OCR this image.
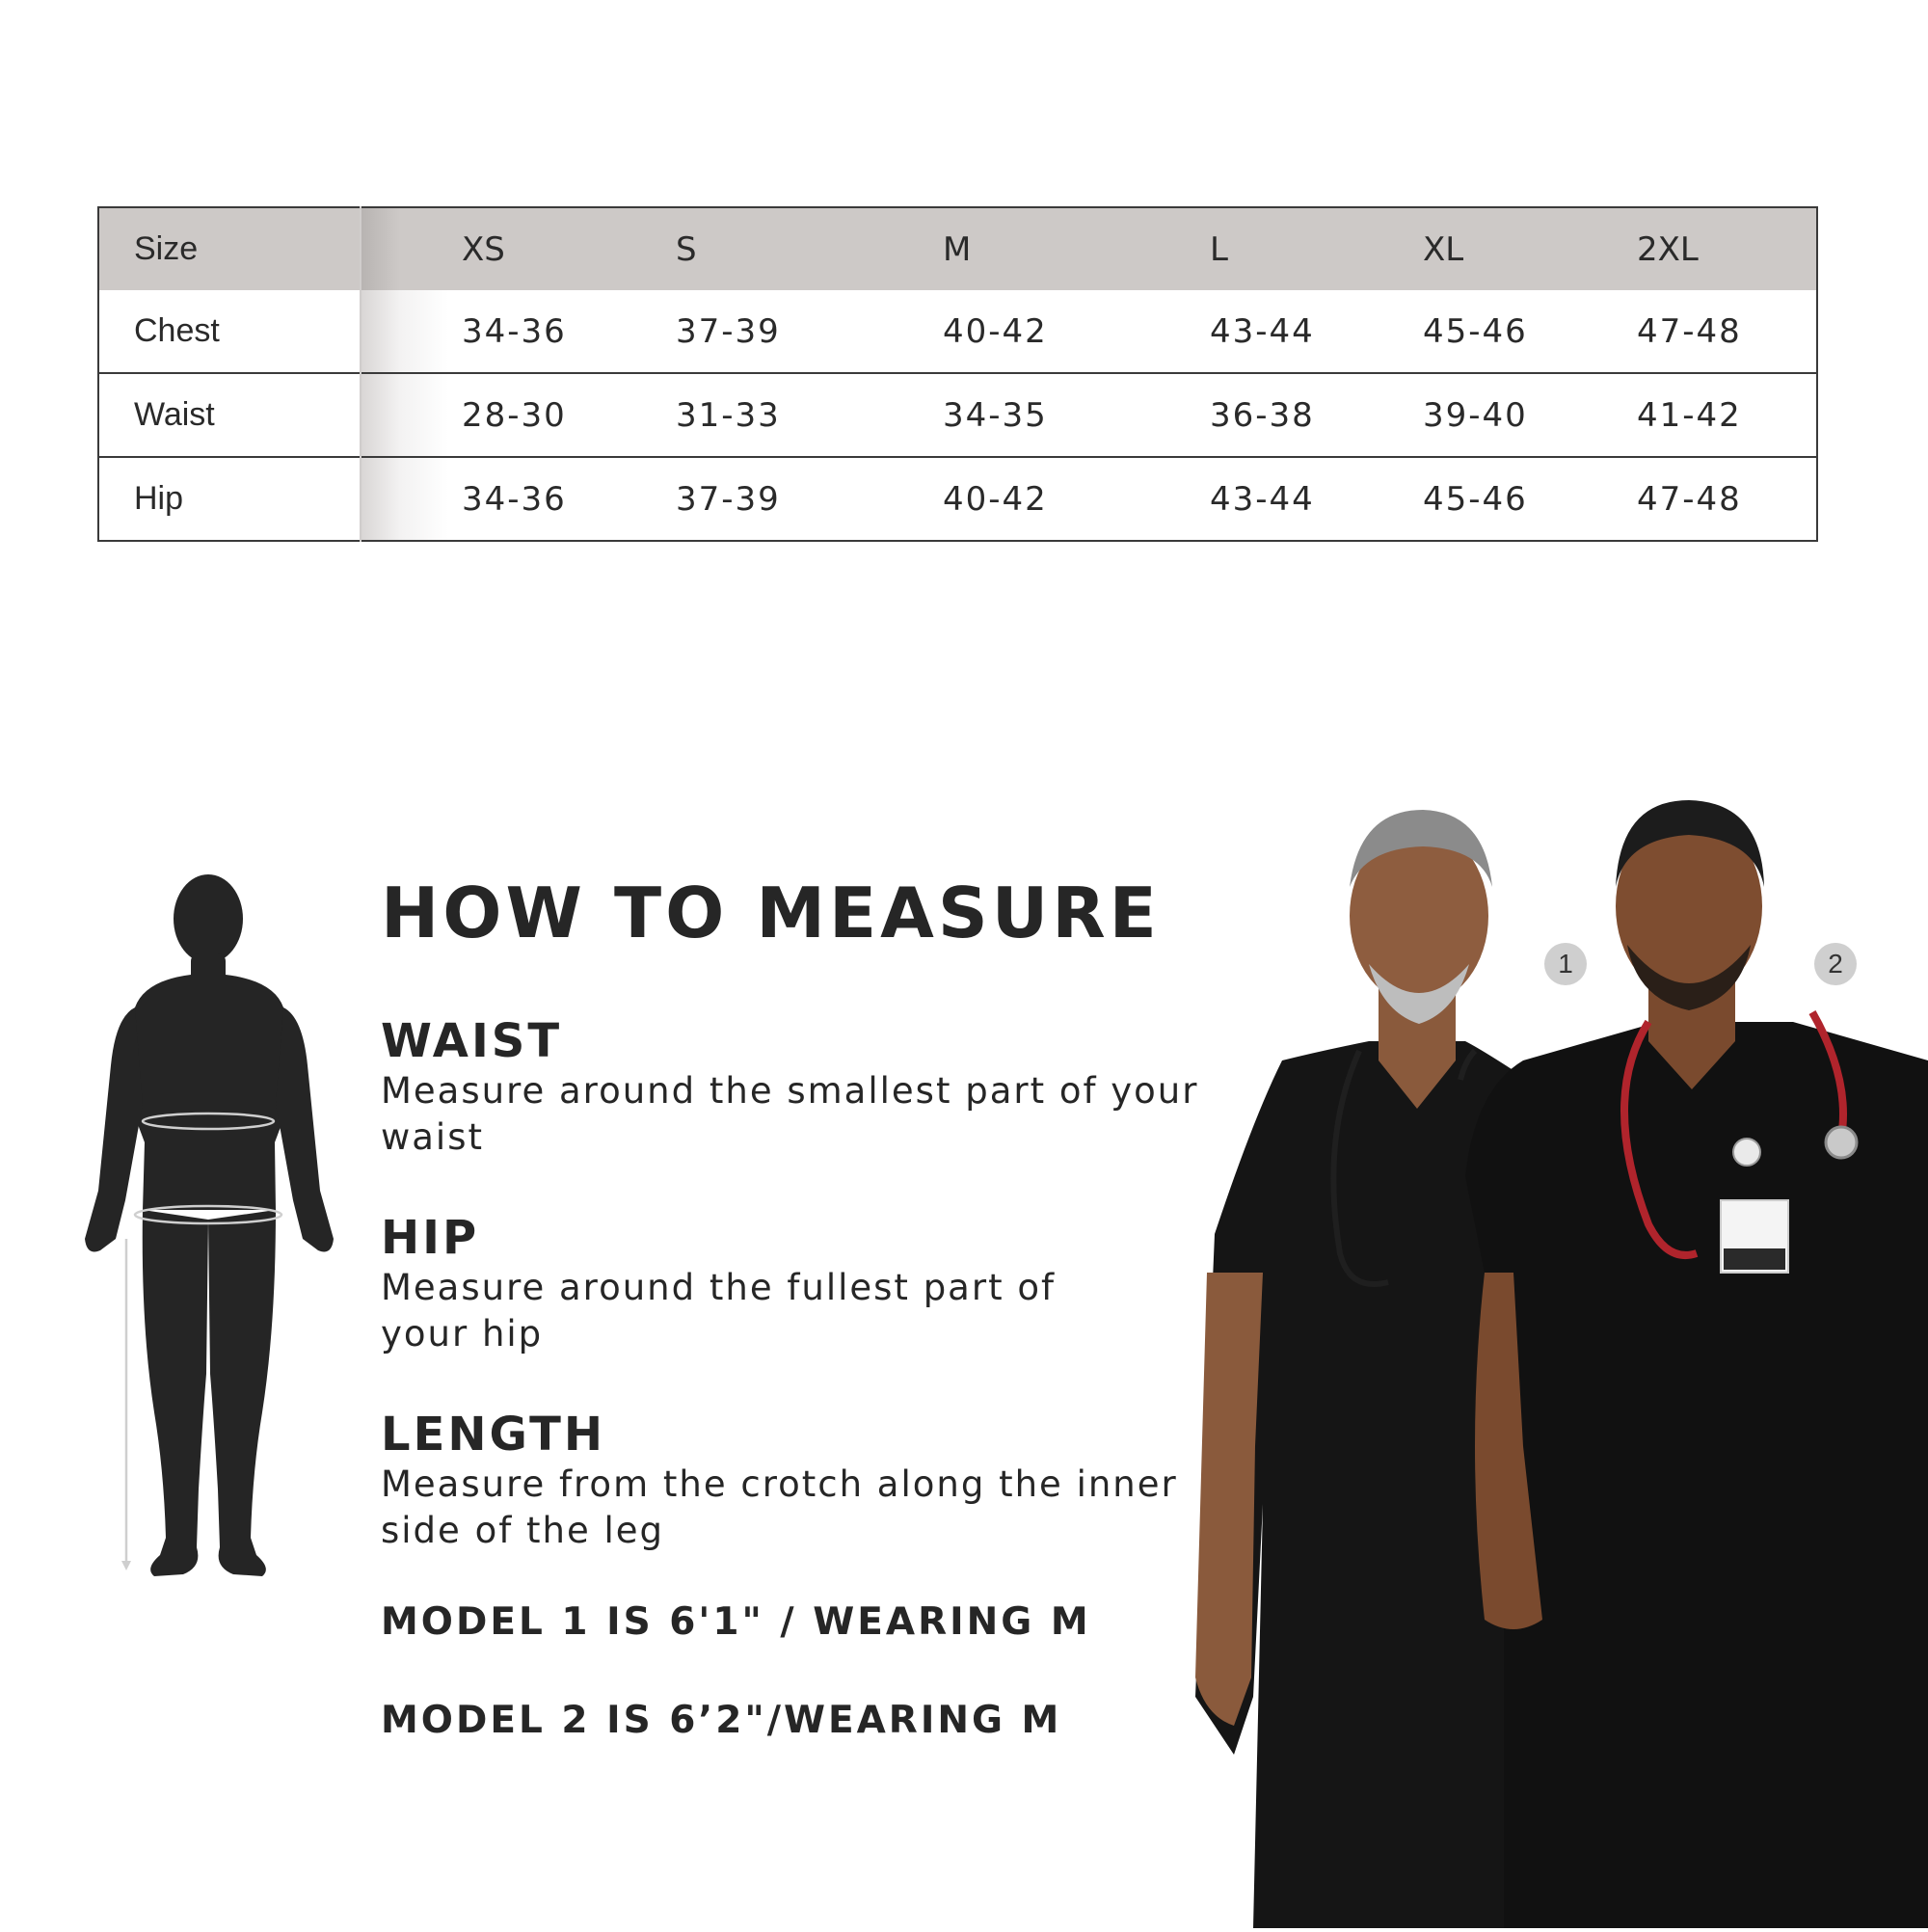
Size		XS	S	M	L	XL	2XL
Chest		34-36	37-39	40-42	43-44	45-46	47-48
Waist		28-30	31-33	34-35	36-38	39-40	41-42
Hip		34-36	37-39	40-42	43-44	45-46	47-48
HOW TO MEASURE
WAIST

Measure around the smallest part of your waist

HIP

Measure around the fullest part of your hip

LENGTH

Measure from the crotch along the inner side of the leg

MODEL 1 IS 6'1" / WEARING M

MODEL 2 IS 6’2"/WEARING M

1	2
